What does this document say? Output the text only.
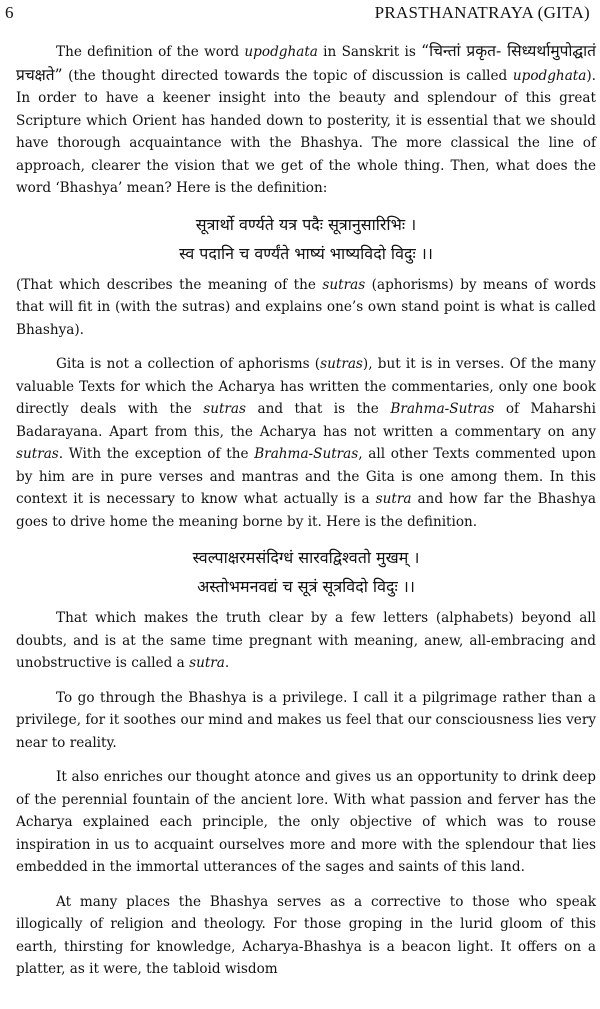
6	PRASTHANATRAYA (GITA)

The definition of the word upodghata in Sanskrit is “चिन्तां प्रकृत- सिध्यर्थामुपोद्घातं प्रचक्षते” (the thought directed towards the topic of discussion is called upodghata). In order to have a keener insight into the beauty and splendour of this great Scripture which Orient has handed down to posterity, it is essential that we should have thorough acquaintance with the Bhashya. The more classical the line of approach, clearer the vision that we get of the whole thing. Then, what does the word ‘Bhashya’ mean? Here is the definition:

सूत्रार्थो वर्ण्यते यत्र पदैः सूत्रानुसारिभिः ।
स्व पदानि च वर्ण्यंते भाष्यं भाष्यविदो विदुः ।।

(That which describes the meaning of the sutras (aphorisms) by means of words that will fit in (with the sutras) and explains one’s own stand point is what is called Bhashya).

Gita is not a collection of aphorisms (sutras), but it is in verses. Of the many valuable Texts for which the Acharya has written the commentaries, only one book directly deals with the sutras and that is the Brahma-Sutras of Maharshi Badarayana. Apart from this, the Acharya has not written a commentary on any sutras. With the exception of the Brahma-Sutras, all other Texts commented upon by him are in pure verses and mantras and the Gita is one among them. In this context it is necessary to know what actually is a sutra and how far the Bhashya goes to drive home the meaning borne by it. Here is the definition.

स्वल्पाक्षरमसंदिग्धं सारवद्विश्वतो मुखम् ।
अस्तोभमनवद्यं च सूत्रं सूत्रविदो विदुः ।।

That which makes the truth clear by a few letters (alphabets) beyond all doubts, and is at the same time pregnant with meaning, anew, all-embracing and unobstructive is called a sutra.

To go through the Bhashya is a privilege. I call it a pilgrimage rather than a privilege, for it soothes our mind and makes us feel that our consciousness lies very near to reality.

It also enriches our thought atonce and gives us an opportunity to drink deep of the perennial fountain of the ancient lore. With what passion and ferver has the Acharya explained each principle, the only objective of which was to rouse inspiration in us to acquaint ourselves more and more with the splendour that lies embedded in the immortal utterances of the sages and saints of this land.

At many places the Bhashya serves as a corrective to those who speak illogically of religion and theology. For those groping in the lurid gloom of this earth, thirsting for knowledge, Acharya-Bhashya is a beacon light. It offers on a platter, as it were, the tabloid wisdom
